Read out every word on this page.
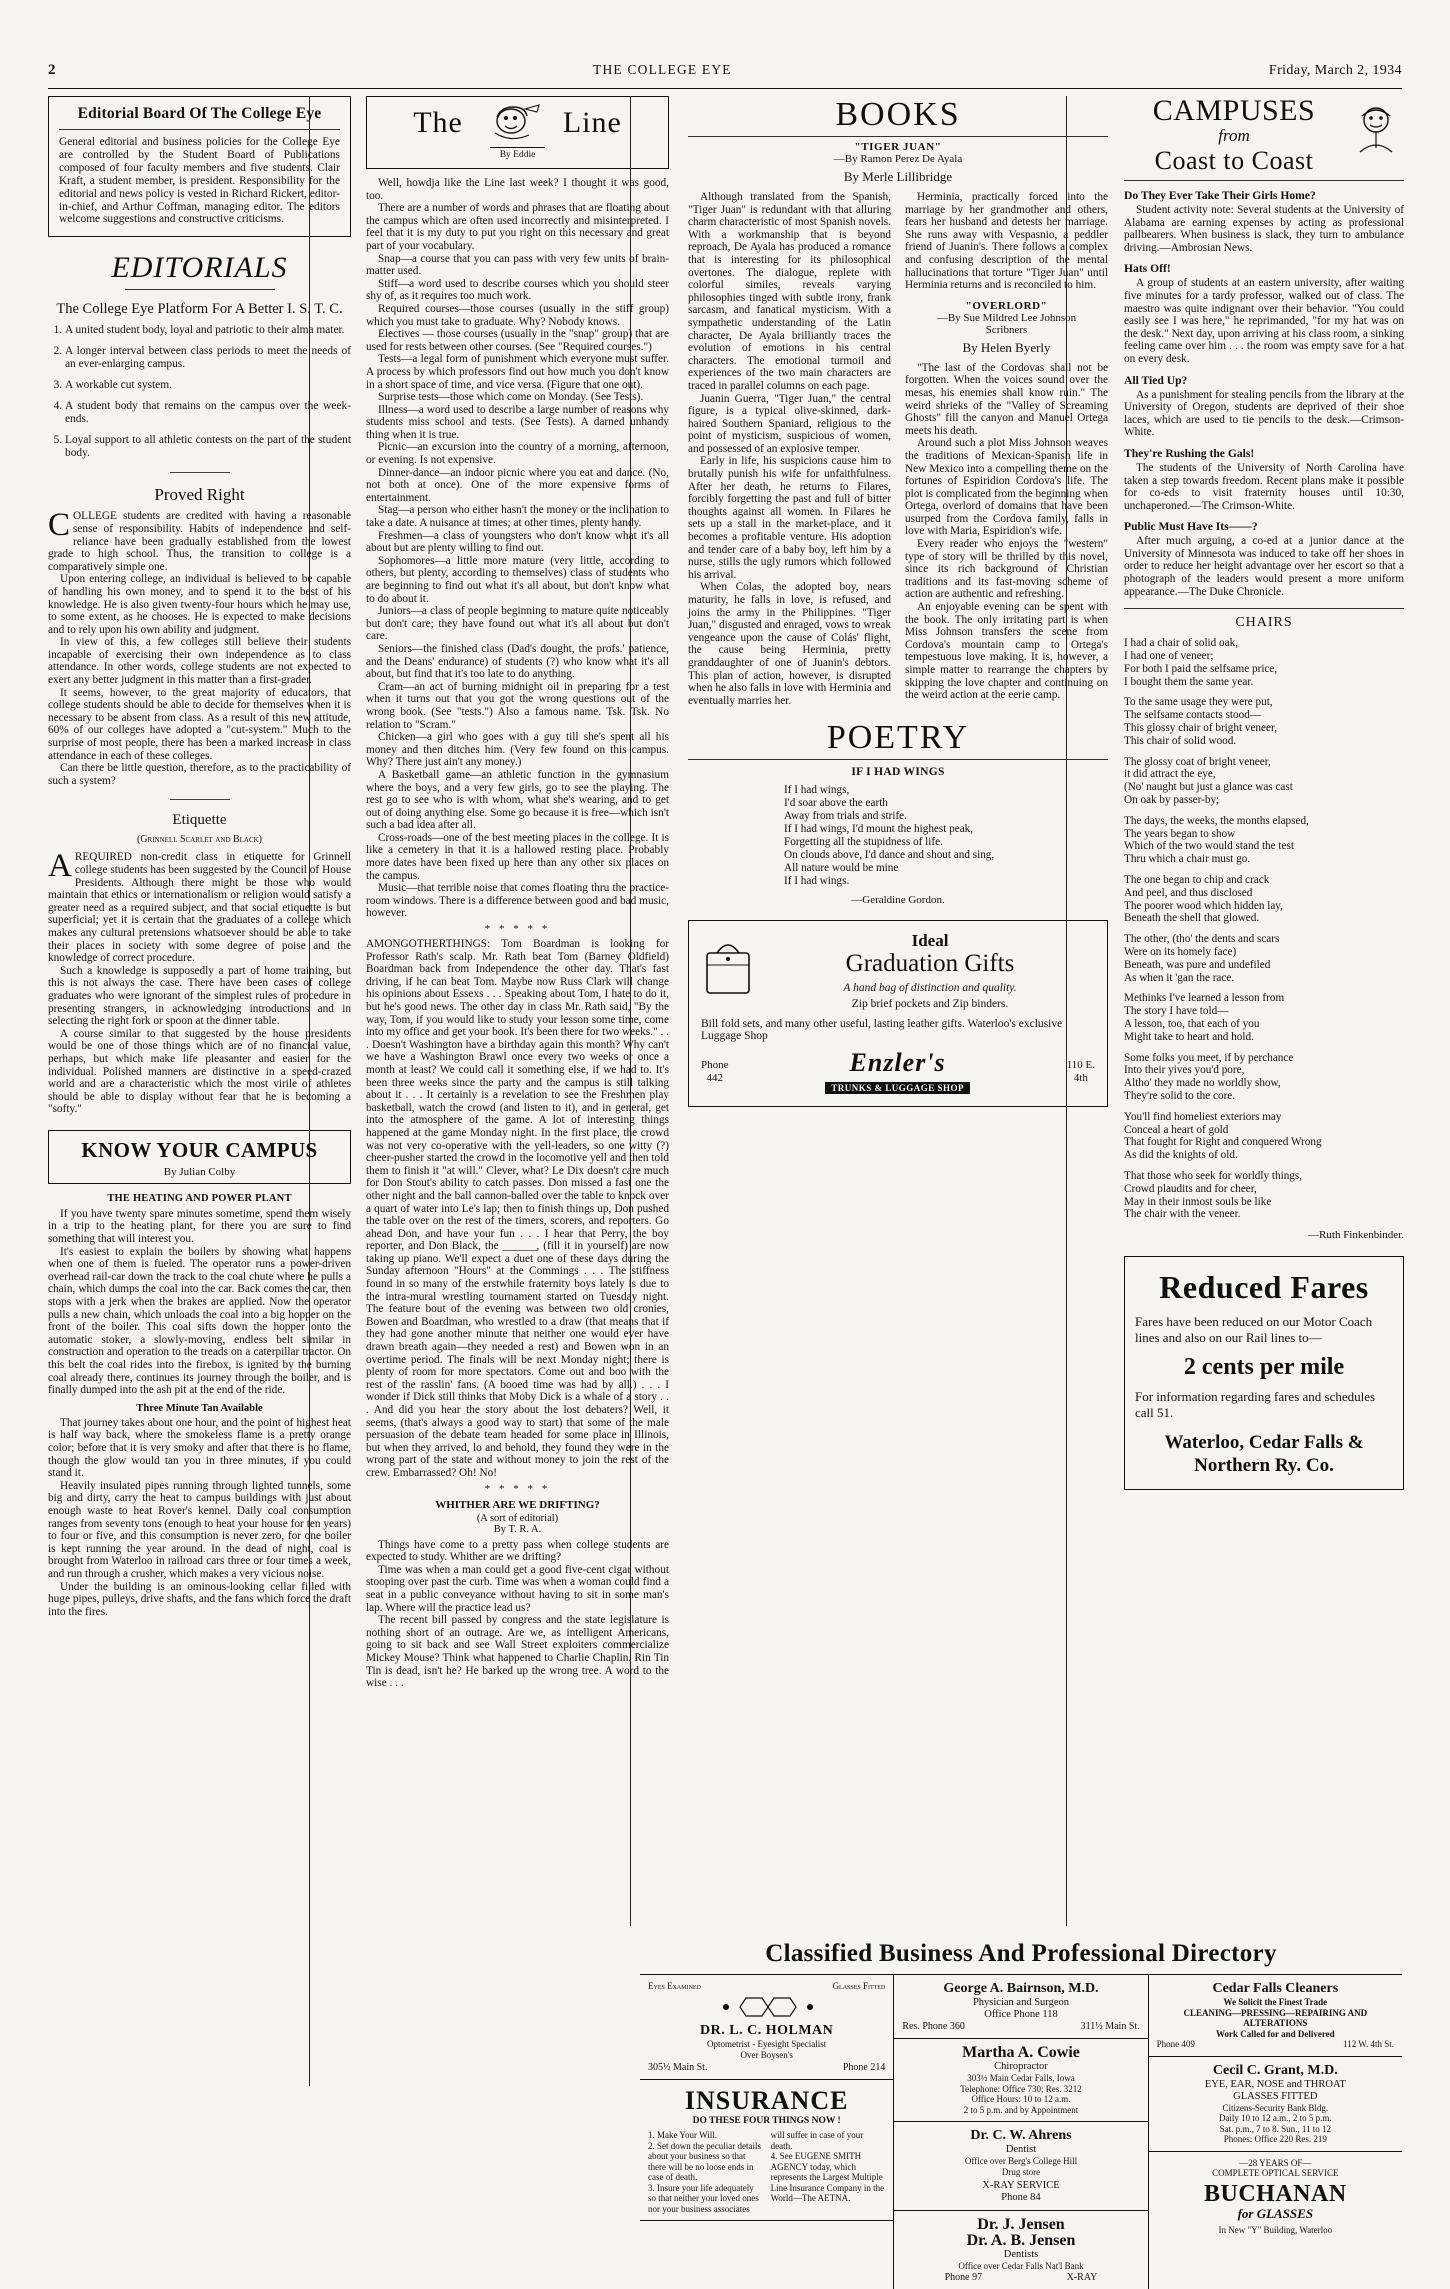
2	THE COLLEGE EYE	Friday, March 2, 1934
Editorial Board Of The College Eye

General editorial and business policies for the College Eye are controlled by the Student Board of Publications composed of four faculty members and five students. Clair Kraft, a student member, is president. Responsibility for the editorial and news policy is vested in Richard Rickert, editor-in-chief, and Arthur Coffman, managing editor. The editors welcome suggestions and constructive criticisms.

EDITORIALS
The College Eye Platform For A Better I. S. T. C.
1. A united student body, loyal and patriotic to their alma mater.
2. A longer interval between class periods to meet the needs of an ever-enlarging campus.
3. A workable cut system.
4. A student body that remains on the campus over the week-ends.
5. Loyal support to all athletic contests on the part of the student body.
Proved Right

COLLEGE students are credited with having a reasonable sense of responsibility. Habits of independence and self-reliance have been gradually established from the lowest grade to high school. Thus, the transition to college is a comparatively simple one.

Upon entering college, an individual is believed to be capable of handling his own money, and to spend it to the best of his knowledge. He is also given twenty-four hours which he may use, to some extent, as he chooses. He is expected to make decisions and to rely upon his own ability and judgment.

In view of this, a few colleges still believe their students incapable of exercising their own independence as to class attendance. In other words, college students are not expected to exert any better judgment in this matter than a first-grader.

It seems, however, to the great majority of educators, that college students should be able to decide for themselves when it is necessary to be absent from class. As a result of this new attitude, 60% of our colleges have adopted a "cut-system." Much to the surprise of most people, there has been a marked increase in class attendance in each of these colleges.

Can there be little question, therefore, as to the practicability of such a system?

Etiquette
(Grinnell Scarlet and Black)

A REQUIRED non-credit class in etiquette for Grinnell college students has been suggested by the Council of House Presidents. Although there might be those who would maintain that ethics or internationalism or religion would satisfy a greater need as a required subject, and that social etiquette is but superficial; yet it is certain that the graduates of a college which makes any cultural pretensions whatsoever should be able to take their places in society with some degree of poise and the knowledge of correct procedure.

Such a knowledge is supposedly a part of home training, but this is not always the case. There have been cases of college graduates who were ignorant of the simplest rules of procedure in presenting strangers, in acknowledging introductions and in selecting the right fork or spoon at the dinner table.

A course similar to that suggested by the house presidents would be one of those things which are of no financial value, perhaps, but which make life pleasanter and easier for the individual. Polished manners are distinctive in a speed-crazed world and are a characteristic which the most virile of athletes should be able to display without fear that he is becoming a "softy."

KNOW YOUR CAMPUS
By Julian Colby
THE HEATING AND POWER PLANT

If you have twenty spare minutes sometime, spend them wisely in a trip to the heating plant, for there you are sure to find something that will interest you.

It's easiest to explain the boilers by showing what happens when one of them is fueled. The operator runs a power-driven overhead rail-car down the track to the coal chute where he pulls a chain, which dumps the coal into the car. Back comes the car, then stops with a jerk when the brakes are applied. Now the operator pulls a new chain, which unloads the coal into a big hopper on the front of the boiler. This coal sifts down the hopper onto the automatic stoker, a slowly-moving, endless belt similar in construction and operation to the treads on a caterpillar tractor. On this belt the coal rides into the firebox, is ignited by the burning coal already there, continues its journey through the boiler, and is finally dumped into the ash pit at the end of the ride.

Three Minute Tan Available

That journey takes about one hour, and the point of highest heat is half way back, where the smokeless flame is a pretty orange color; before that it is very smoky and after that there is no flame, though the glow would tan you in three minutes, if you could stand it.

Heavily insulated pipes running through lighted tunnels, some big and dirty, carry the heat to campus buildings with just about enough waste to heat Rover's kennel. Daily coal consumption ranges from seventy tons (enough to heat your house for ten years) to four or five, and this consumption is never zero, for one boiler is kept running the year around. In the dead of night, coal is brought from Waterloo in railroad cars three or four times a week, and run through a crusher, which makes a very vicious noise.

Under the building is an ominous-looking cellar filled with huge pipes, pulleys, drive shafts, and the fans which force the draft into the fires.

The	Line
By Eddie

Well, howdja like the Line last week? I thought it was good, too.

There are a number of words and phrases that are floating about the campus which are often used incorrectly and misinterpreted. I feel that it is my duty to put you right on this necessary and great part of your vocabulary.

Snap—a course that you can pass with very few units of brain-matter used.

Stiff—a word used to describe courses which you should steer shy of, as it requires too much work.

Required courses—those courses (usually in the stiff group) which you must take to graduate. Why? Nobody knows.

Electives — those courses (usually in the "snap" group) that are used for rests between other courses. (See "Required courses.")

Tests—a legal form of punishment which everyone must suffer. A process by which professors find out how much you don't know in a short space of time, and vice versa. (Figure that one out).

Surprise tests—those which come on Monday. (See Tests).

Illness—a word used to describe a large number of reasons why students miss school and tests. (See Tests). A darned unhandy thing when it is true.

Picnic—an excursion into the country of a morning, afternoon, or evening. Is not expensive.

Dinner-dance—an indoor picnic where you eat and dance. (No, not both at once). One of the more expensive forms of entertainment.

Stag—a person who either hasn't the money or the inclination to take a date. A nuisance at times; at other times, plenty handy.

Freshmen—a class of youngsters who don't know what it's all about but are plenty willing to find out.

Sophomores—a little more mature (very little, according to others, but plenty, according to themselves) class of students who are beginning to find out what it's all about, but don't know what to do about it.

Juniors—a class of people beginning to mature quite noticeably but don't care; they have found out what it's all about but don't care.

Seniors—the finished class (Dad's dought, the profs.' patience, and the Deans' endurance) of students (?) who know what it's all about, but find that it's too late to do anything.

Cram—an act of burning midnight oil in preparing for a test when it turns out that you got the wrong questions out of the wrong book. (See "tests.") Also a famous name. Tsk. Tsk. No relation to "Scram."

Chicken—a girl who goes with a guy till she's spent all his money and then ditches him. (Very few found on this campus. Why? There just ain't any money.)

A Basketball game—an athletic function in the gymnasium where the boys, and a very few girls, go to see the playing. The rest go to see who is with whom, what she's wearing, and to get out of doing anything else. Some go because it is free—which isn't such a bad idea after all.

Cross-roads—one of the best meeting places in the college. It is like a cemetery in that it is a hallowed resting place. Probably more dates have been fixed up here than any other six places on the campus.

Music—that terrible noise that comes floating thru the practice-room windows. There is a difference between good and bad music, however.

* * * * *

AMONGOTHERTHINGS: Tom Boardman is looking for Professor Rath's scalp. Mr. Rath beat Tom (Barney Oldfield) Boardman back from Independence the other day. That's fast driving, if he can beat Tom. Maybe now Russ Clark will change his opinions about Essexs . . . Speaking about Tom, I hate to do it, but he's good news. The other day in class Mr. Rath said, "By the way, Tom, if you would like to study your lesson some time, come into my office and get your book. It's been there for two weeks." . . . Doesn't Washington have a birthday again this month? Why can't we have a Washington Brawl once every two weeks or once a month at least? We could call it something else, if we had to. It's been three weeks since the party and the campus is still talking about it . . . It certainly is a revelation to see the Freshmen play basketball, watch the crowd (and listen to it), and in general, get into the atmosphere of the game. A lot of interesting things happened at the game Monday night. In the first place, the crowd was not very co-operative with the yell-leaders, so one witty (?) cheer-pusher started the crowd in the locomotive yell and then told them to finish it "at will." Clever, what? Le Dix doesn't care much for Don Stout's ability to catch passes. Don missed a fast one the other night and the ball cannon-balled over the table to knock over a quart of water into Le's lap; then to finish things up, Don pushed the table over on the rest of the timers, scorers, and reporters. Go ahead Don, and have your fun . . . I hear that Perry, the boy reporter, and Don Black, the ______, (fill it in yourself) are now taking up piano. We'll expect a duet one of these days during the Sunday afternoon "Hours" at the Commings . . . The stiffness found in so many of the erstwhile fraternity boys lately is due to the intra-mural wrestling tournament started on Tuesday night. The feature bout of the evening was between two old cronies, Bowen and Boardman, who wrestled to a draw (that means that if they had gone another minute that neither one would ever have drawn breath again—they needed a rest) and Bowen won in an overtime period. The finals will be next Monday night; there is plenty of room for more spectators. Come out and boo with the rest of the rasslin' fans. (A booed time was had by all.) . . . I wonder if Dick still thinks that Moby Dick is a whale of a story . . . And did you hear the story about the lost debaters? Well, it seems, (that's always a good way to start) that some of the male persuasion of the debate team headed for some place in Illinois, but when they arrived, lo and behold, they found they were in the wrong part of the state and without money to join the rest of the crew. Embarrassed? Oh! No!

* * * * *
WHITHER ARE WE DRIFTING?
(A sort of editorial)
By T. R. A.

Things have come to a pretty pass when college students are expected to study. Whither are we drifting?

Time was when a man could get a good five-cent cigar without stooping over past the curb. Time was when a woman could find a seat in a public conveyance without having to sit in some man's lap. Where will the practice lead us?

The recent bill passed by congress and the state legislature is nothing short of an outrage. Are we, as intelligent Americans, going to sit back and see Wall Street exploiters commercialize Mickey Mouse? Think what happened to Charlie Chaplin. Rin Tin Tin is dead, isn't he? He barked up the wrong tree. A word to the wise . . .

BOOKS
"TIGER JUAN"
—By Ramon Perez De Ayala
By Merle Lillibridge

Although translated from the Spanish, "Tiger Juan" is redundant with that alluring charm characteristic of most Spanish novels. With a workmanship that is beyond reproach, De Ayala has produced a romance that is interesting for its philosophical overtones. The dialogue, replete with colorful similes, reveals varying philosophies tinged with subtle irony, frank sarcasm, and fanatical mysticism. With a sympathetic understanding of the Latin character, De Ayala brilliantly traces the evolution of emotions in his central characters. The emotional turmoil and experiences of the two main characters are traced in parallel columns on each page.

Juanin Guerra, "Tiger Juan," the central figure, is a typical olive-skinned, dark-haired Southern Spaniard, religious to the point of mysticism, suspicious of women, and possessed of an explosive temper.

Early in life, his suspicions cause him to brutally punish his wife for unfaithfulness. After her death, he returns to Filares, forcibly forgetting the past and full of bitter thoughts against all women. In Filares he sets up a stall in the market-place, and it becomes a profitable venture. His adoption and tender care of a baby boy, left him by a nurse, stills the ugly rumors which followed his arrival.

When Colas, the adopted boy, nears maturity, he falls in love, is refused, and joins the army in the Philippines. "Tiger Juan," disgusted and enraged, vows to wreak vengeance upon the cause of Colás' flight, the cause being Herminia, pretty granddaughter of one of Juanin's debtors. This plan of action, however, is disrupted when he also falls in love with Herminia and eventually marries her.

Herminia, practically forced into the marriage by her grandmother and others, fears her husband and detests her marriage. She runs away with Vespasnio, a peddler friend of Juanin's. There follows a complex and confusing description of the mental hallucinations that torture "Tiger Juan" until Herminia returns and is reconciled to him.

"OVERLORD"
—By Sue Mildred Lee Johnson
Scribners
By Helen Byerly

"The last of the Cordovas shall not be forgotten. When the voices sound over the mesas, his enemies shall know ruin." The weird shrieks of the "Valley of Screaming Ghosts" fill the canyon and Manuel Ortega meets his death.

Around such a plot Miss Johnson weaves the traditions of Mexican-Spanish life in New Mexico into a compelling theme on the fortunes of Espiridion Cordova's life. The plot is complicated from the beginning when Ortega, overlord of domains that have been usurped from the Cordova family, falls in love with Maria, Espiridion's wife.

Every reader who enjoys the "western" type of story will be thrilled by this novel, since its rich background of Christian traditions and its fast-moving scheme of action are authentic and refreshing.

An enjoyable evening can be spent with the book. The only irritating part is when Miss Johnson transfers the scene from Cordova's mountain camp to Ortega's tempestuous love making. It is, however, a simple matter to rearrange the chapters by skipping the love chapter and continuing on the weird action at the eerie camp.

POETRY
IF I HAD WINGS
If I had wings,
I'd soar above the earth
Away from trials and strife.
If I had wings, I'd mount the highest peak,
Forgetting all the stupidness of life.
On clouds above, I'd dance and shout and sing,
All nature would be mine
If I had wings.
—Geraldine Gordon.
Ideal
Graduation Gifts
A hand bag of distinction and quality.
Zip brief pockets and Zip binders.
Bill fold sets, and many other useful, lasting leather gifts. Waterloo's exclusive Luggage Shop
Phone
442
Enzler's
TRUNKS & LUGGAGE SHOP
110 E.
4th
CAMPUSES
from
Coast to Coast
Do They Ever Take Their Girls Home?

Student activity note: Several students at the University of Alabama are earning expenses by acting as professional pallbearers. When business is slack, they turn to ambulance driving.—Ambrosian News.

Hats Off!

A group of students at an eastern university, after waiting five minutes for a tardy professor, walked out of class. The maestro was quite indignant over their behavior. "You could easily see I was here," he reprimanded, "for my hat was on the desk." Next day, upon arriving at his class room, a sinking feeling came over him . . . the room was empty save for a hat on every desk.

All Tied Up?

As a punishment for stealing pencils from the library at the University of Oregon, students are deprived of their shoe laces, which are used to tie pencils to the desk.—Crimson-White.

They're Rushing the Gals!

The students of the University of North Carolina have taken a step towards freedom. Recent plans make it possible for co-eds to visit fraternity houses until 10:30, unchaperoned.—The Crimson-White.

Public Must Have Its——?

After much arguing, a co-ed at a junior dance at the University of Minnesota was induced to take off her shoes in order to reduce her height advantage over her escort so that a photograph of the leaders would present a more uniform appearance.—The Duke Chronicle.

CHAIRS
I had a chair of solid oak,
I had one of veneer;
For both I paid the selfsame price,
I bought them the same year.
To the same usage they were put,
The selfsame contacts stood—
This glossy chair of bright veneer,
This chair of solid wood.
The glossy coat of bright veneer,
it did attract the eye,
(No' naught but just a glance was cast
On oak by passer-by;
The days, the weeks, the months elapsed,
The years began to show
Which of the two would stand the test
Thru which a chair must go.
The one began to chip and crack
And peel, and thus disclosed
The poorer wood which hidden lay,
Beneath the shell that glowed.
The other, (tho' the dents and scars
Were on its homely face)
Beneath, was pure and undefiled
As when it 'gan the race.
Methinks I've learned a lesson from
The story I have told—
A lesson, too, that each of you
Might take to heart and hold.
Some folks you meet, if by perchance
Into their yives you'd pore,
Altho' they made no worldly show,
They're solid to the core.
You'll find homeliest exteriors may
Conceal a heart of gold
That fought for Right and conquered Wrong
As did the knights of old.
That those who seek for worldly things,
Crowd plaudits and for cheer,
May in their inmost souls be like
The chair with the veneer.
—Ruth Finkenbinder.
Reduced Fares
Fares have been reduced on our Motor Coach lines and also on our Rail lines to—
2 cents per mile
For information regarding fares and schedules call 51.
Waterloo, Cedar Falls & Northern Ry. Co.
Classified Business And Professional Directory
Eyes Examined	Glasses Fitted
DR. L. C. HOLMAN
Optometrist - Eyesight Specialist
Over Boysen's
305½ Main St.	Phone 214
INSURANCE
DO THESE FOUR THINGS NOW !
1. Make Your Will.
2. Set down the peculiar details about your business so that there will be no loose ends in case of death.
3. Insure your life adequately so that neither your loved ones nor your business associates will suffer in case of your death.
4. See EUGENE SMITH AGENCY today, which represents the Largest Multiple Line Insurance Company in the World—The AETNA.
George A. Bairnson, M.D.
Physician and Surgeon
Office Phone 118
Res. Phone 360	311½ Main St.
Martha A. Cowie
Chiropractor
303½ Main Cedar Falls, Iowa
Telephone: Office 730; Res. 3212
Office Hours: 10 to 12 a.m.
2 to 5 p.m. and by Appointment
Dr. C. W. Ahrens
Dentist
Office over Berg's College Hill
Drug store
X-RAY SERVICE
Phone 84
Dr. J. Jensen
Dr. A. B. Jensen
Dentists
Office over Cedar Falls Nat'l Bank
Phone 97	X-RAY
Cedar Falls Cleaners
We Solicit the Finest Trade
CLEANING—PRESSING—REPAIRING AND ALTERATIONS
Work Called for and Delivered
Phone 409	112 W. 4th St.
Cecil C. Grant, M.D.
EYE, EAR, NOSE and THROAT
GLASSES FITTED
Citizens-Security Bank Bldg.
Daily 10 to 12 a.m., 2 to 5 p.m.
Sat. p.m., 7 to 8. Sun., 11 to 12
Phones: Office 220 Res. 219
—28 YEARS OF—
COMPLETE OPTICAL SERVICE
BUCHANAN
for GLASSES
In New "Y" Building, Waterloo
